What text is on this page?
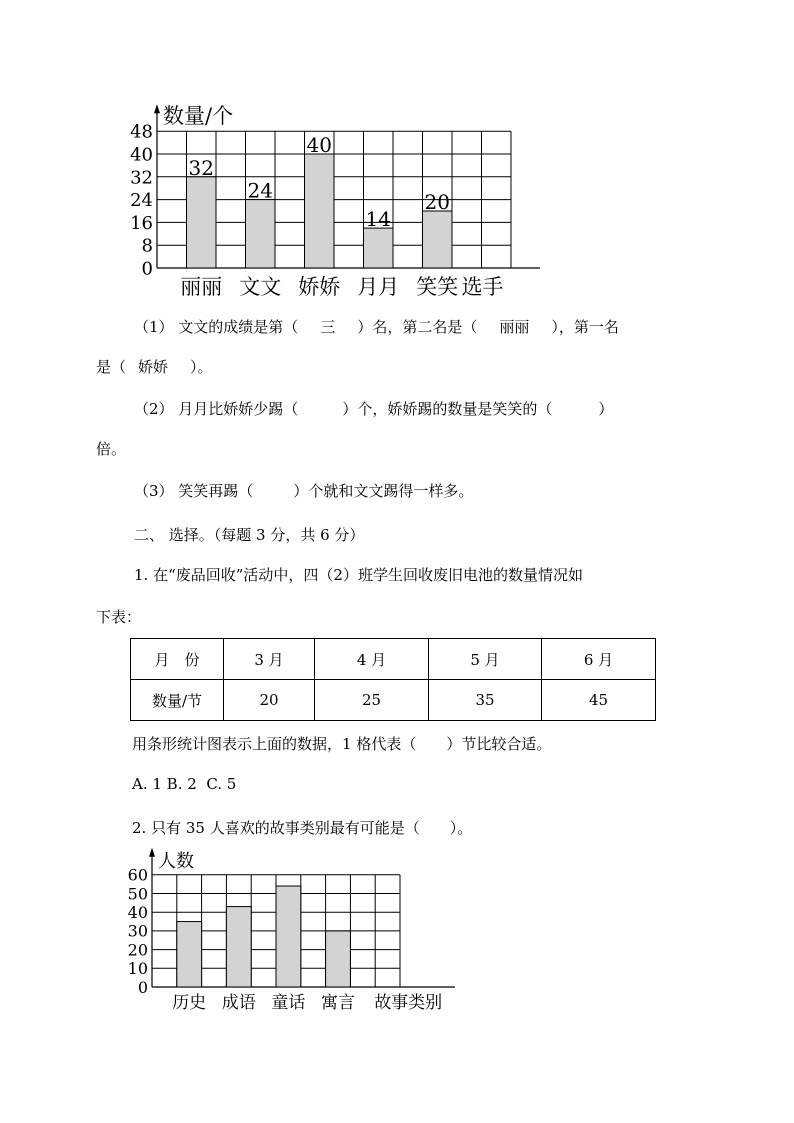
0
8
16
24
32
40
48
数量/个
32
丽丽
24
文文
40
娇娇
14
月月
20
笑笑 选手
（1） 文文的成绩是第（ 三 ）名，第二名是（ 丽丽 ），第一名
是（ 娇娇 ）。
（2） 月月比娇娇少踢（	）个，娇娇踢的数量是笑笑的（	）
倍。
（3） 笑笑再踢（	）个就和文文踢得一样多。
二、 选择。（每题 3 分，共 6 分）
1. 在“废品回收”活动中，四（2）班学生回收废旧电池的数量情况如
下表：
月　份	3 月	4 月	5 月	6 月
数量/节	20	25	35	45
用条形统计图表示上面的数据，1 格代表（　　）节比较合适。
A. 1 B. 2  C. 5
2. 只有 35 人喜欢的故事类别最有可能是（　　）。
0
10
20
30
40
50
60
人数
历史 成语 童话 寓言 故事类别
